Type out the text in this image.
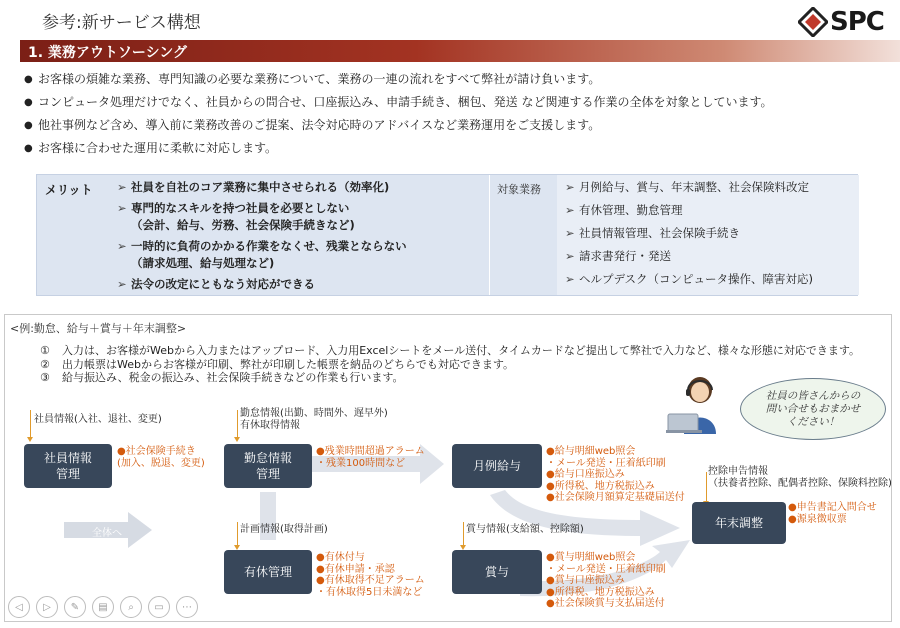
参考:新サービス構想	SPC
1. 業務アウトソーシング
● お客様の煩雑な業務、専門知識の必要な業務について、業務の一連の流れをすべて弊社が請け負います。
● コンピュータ処理だけでなく、社員からの問合せ、口座振込み、申請手続き、梱包、発送 など関連する作業の全体を対象としています。
● 他社事例など含め、導入前に業務改善のご提案、法令対応時のアドバイスなど業務運用をご支援します。
● お客様に合わせた運用に柔軟に対応します。
メリット ➢ 社員を自社のコア業務に集中させられる（効率化)
➢ 専門的なスキルを持つ社員を必要としない
（会計、給与、労務、社会保険手続きなど)
➢ 一時的に負荷のかかる作業をなくせ、残業とならない
（請求処理、給与処理など)
➢ 法令の改定にともなう対応ができる
対象業務 ➢ 月例給与、賞与、年末調整、社会保険料改定
➢ 有休管理、勤怠管理
➢ 社員情報管理、社会保険手続き
➢ 請求書発行・発送
➢ ヘルプデスク（コンピュータ操作、障害対応)
<例:勤怠、給与＋賞与＋年末調整>
①	入力は、お客様がWebから入力またはアップロード、入力用Excelシートをメール送付、タイムカードなど提出して弊社で入力など、様々な形態に対応できます。
②	出力帳票はWebからお客様が印刷、弊社が印刷した帳票を納品のどちらでも対応できます。
③	給与振込み、税金の振込み、社会保険手続きなどの作業も行います。
社員情報(入社、退社、変更)
勤怠情報(出勤、時間外、遅早外)
有休取得情報
計画情報(取得計画)	賞与情報(支給額、控除額)
控除申告情報
（扶養者控除、配偶者控除、保険料控除)
社員情報
管理
勤怠情報
管理
月例給与
年末調整
有休管理	賞与
全体へ
●社会保険手続き
(加入、脱退、変更)
●残業時間超過アラーム
・残業100時間など
●給与明細web照会
・メール発送・圧着紙印刷
●給与口座振込み
●所得税、地方税振込み
●社会保険月額算定基礎届送付
●有休付与
●有休申請・承認
●有休取得不足アラーム
・有休取得5日未満など
●賞与明細web照会
・メール発送・圧着紙印刷
●賞与口座振込み
●所得税、地方税振込み
●社会保険賞与支払届送付
●申告書記入問合せ
●源泉徴収票
社員の皆さんからの
問い合せもおまかせ
ください！
◁	▷	✎	▤	⌕	▭	⋯
